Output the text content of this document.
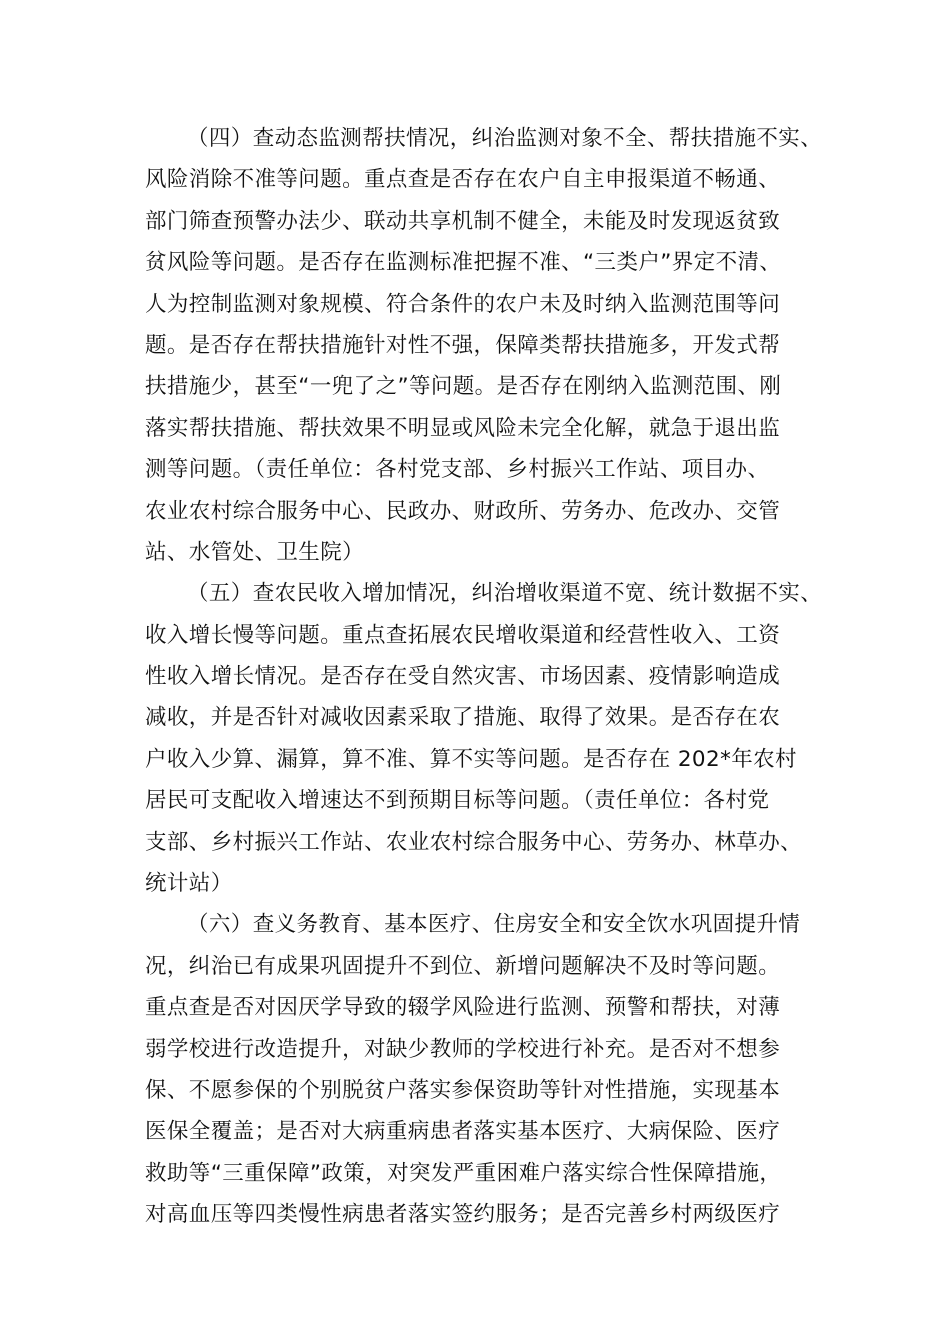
（四）查动态监测帮扶情况，纠治监测对象不全、帮扶措施不实、
风险消除不准等问题。重点查是否存在农户自主申报渠道不畅通、
部门筛查预警办法少、联动共享机制不健全，未能及时发现返贫致
贫风险等问题。是否存在监测标准把握不准、“三类户”界定不清、
人为控制监测对象规模、符合条件的农户未及时纳入监测范围等问
题。是否存在帮扶措施针对性不强，保障类帮扶措施多，开发式帮
扶措施少，甚至“一兜了之”等问题。是否存在刚纳入监测范围、刚
落实帮扶措施、帮扶效果不明显或风险未完全化解，就急于退出监
测等问题。（责任单位：各村党支部、乡村振兴工作站、项目办、
农业农村综合服务中心、民政办、财政所、劳务办、危改办、交管
站、水管处、卫生院）
（五）查农民收入增加情况，纠治增收渠道不宽、统计数据不实、
收入增长慢等问题。重点查拓展农民增收渠道和经营性收入、工资
性收入增长情况。是否存在受自然灾害、市场因素、疫情影响造成
减收，并是否针对减收因素采取了措施、取得了效果。是否存在农
户收入少算、漏算，算不准、算不实等问题。是否存在 202*年农村
居民可支配收入增速达不到预期目标等问题。（责任单位：各村党
支部、乡村振兴工作站、农业农村综合服务中心、劳务办、林草办、
统计站）
（六）查义务教育、基本医疗、住房安全和安全饮水巩固提升情
况，纠治已有成果巩固提升不到位、新增问题解决不及时等问题。
重点查是否对因厌学导致的辍学风险进行监测、预警和帮扶，对薄
弱学校进行改造提升，对缺少教师的学校进行补充。是否对不想参
保、不愿参保的个别脱贫户落实参保资助等针对性措施，实现基本
医保全覆盖；是否对大病重病患者落实基本医疗、大病保险、医疗
救助等“三重保障”政策，对突发严重困难户落实综合性保障措施，
对高血压等四类慢性病患者落实签约服务；是否完善乡村两级医疗
